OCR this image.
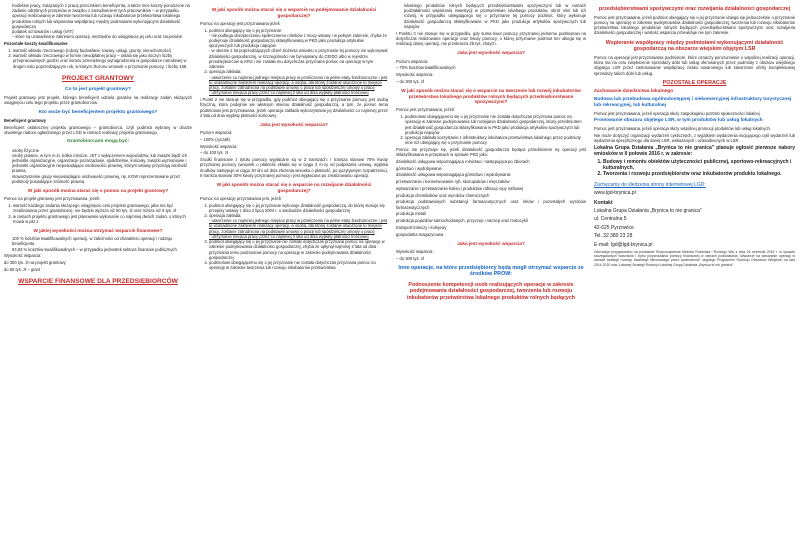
• Kodeksie pracy, związanych z pracą przecinkiem beneficjenta, a także inne koszty ponoszone na zadanie odrębnych przepisów w związku z zatrudnieniem tych pracowników – w przypadku operacji realizowanej w zakresie tworzenia lub rozwoju inkubatorów przetwórstwa lokalnego produktów rolnych lub wspierania współpracy między podmiotami wykonującymi działalność gospodarczą
• podatek od towarów i usług (VAT)
– które są uzasadnione zakresem operacji, niezbędne do osiągnięcia jej celu oraz racjonalne.

Pozostałe koszty kwalifikowalne

1. wartość wkładu rzeczowego (roboty budowlane, towary, usługi, grunty, nieruchomości)
2. wartość wkładu rzeczowego w formie nieodpłatnej pracy – ustala się jako iloczyn liczby przepracowanych godzin oraz ilorazu przeciętnego wynagrodzenia w gospodarce narodowej w drugim roku poprzedzającym rok, w którym złożono wniosek o przyznanie pomocy, i liczby 168.
PROJEKT GRANTOWY
Co to jest projekt grantowy?

Projekt grantowy jest projekt, którego beneficjent udziela grantów na realizację zadań służących osiągnięciu celu tego projektu przez grantobiorców.

Kto może być beneficjentem projektu grantowego?

Beneficjent grantowy

Beneficjent ostatecznej projektu grantowego – grantobiorca, czyli podmiot wybrany w drodze otwartego naboru ogłaszanego przez LGD w ramach realizacji projektu grantowego.

Grantobiorcami mogą być:
• osoby fizyczne
• osoby prawne, w tym m.in. kółka rolnicze, JST z wyłączeniem województw, lub związki bądź ich jednostki organizacyjne, organizacje pozarządowe, spółdzielnie, kościoły, związki wyznaniowe i jednostki organizacyjne nieposiadające osobowości prawnej, którym ustawy przyznają zdolność prawną
• stowarzyszenie grupy nieposiadające osobowości prawnej, np. KGW reprezentowane przez podmioty posiadające zdolność prawną
W jaki sposób można starać się o pomoc na projekt grantowy?

Pomoc na projekt grantowy jest przyznawana, jeżeli:

1. wartość każdego zadania służącego osiągnięciu celu projektu grantowego, jaka ma być zrealizowana przez grantobiorcę, nie będzie wyższa niż 50 tys. zł oraz niższa niż 5 tys. zł
2. w ramach projektu grantowego jest planowane wykonanie co najmniej dwóch zadań, o których mowa w pkt 1
W jakiej wysokości można otrzymać wsparcie finansowe?
• 100 % kosztów kwalifikowalnych operacji, w zależności od charakteru operacji i rodzaju beneficjenta
• 63,63 % kosztów kwalifikowalnych – w przypadku jednostek sektora finansów publicznych

Wysokość wsparcia:

do 300 tys. zł na projekt grantowy

do 50 tys. zł – grant

WSPARCIE FINANSOWE DLA PRZEDSIĘBIORCÓW
W jaki sposób można starać się o wsparcie na podejmowanie działalności gospodarczej?

Pomoc na operację jest przyznawana jeżeli:

1. podmiot ubiegający się o jej przyznanie:
- nie podlega ubezpieczeniu społecznemu rolników z mocy ustawy i w pełnym zakresie, chyba że podejmuje działalność gospodarczą sklasyfikowaną w PKD jako produkcja artykułów spożywczych lub produkcja napojów
- w okresie 2 lat poprzedzających dzień złożenia wniosku o przyznanie tej pomocy nie wykonywał działalności gospodarczej, w szczególności nie był wpisany do CEIDG albo w rejestrze przedsiębiorców w KRS i nie została mu dotychczas przyznana pomoc na operację w tym zakresie
2. operacja zakłada:
- utworzenie co najmniej jednego miejsca pracy w przeliczeniu na pełne etaty średnioroczne i jest to uzasadnione zakresem realizacji operacji, a osoba, dla której zostanie utworzone to miejsce pracy, zostanie zatrudniona na podstawie umowy o pracę lub spółdzielczej umowy o pracę
- utrzymanie miejsca pracy przez co najmniej 2 lata od dnia wypłaty płatności końcowej

i Punkt 2 nie stosuje się w przypadku, gdy podmiot ubiegający się o przyznanie pomocy jest osobą fizyczną, która podejmie we własnym imieniu działalność gospodarczą, a tym, że pomoc tema podmiotowi jest przyznawana, jeżeli operacja zakłada wykorzystanie jej działalności co najmniej przez 2 lata od dnia wypłaty płatności końcowej.

Jaka jest wysokość wsparcia?

Poziom wsparcia:

– 100% (ryczałt)

Wysokość wsparcia:

– do 100 tys. zł

Środki finansowe z tytułu pomocy wypłacane są w 2 transzach: I transza stanowi 70% kwoty przyznanej pomocy (wniosek o płatność składa się w ciągu 3 m-cy od podpisania umowy, wypłata środków następuje w ciągu 30 dni od dnia złożenia wniosku o płatność, po pozytywnym rozpatrzeniu), II transza stanowi 30% kwoty przyznanej pomocy i jest wypłacana po zrealizowaniu operacji.

W jaki sposób można starać się o wsparcie na rozwijanie działalności gospodarczej?

Pomoc na operację przyznawana jest, jeżeli:

1. podmiot ubiegający się o jej przyznanie wykonuje działalność gospodarczą, do której stosuje się przepisy ustawy z dnia 2 lipca 2004 r. o swobodzie działalności gospodarczej
2. operacja zakłada:
- utworzenie co najmniej jednego miejsca pracy w przeliczeniu na pełne etaty średnioroczne i jest to uzasadnione zakresem realizacji operacji, a osoba, dla której zostanie utworzone to miejsce pracy, zostanie zatrudniona na podstawie umowy o pracę lub spółdzielczej umowy o pracę
- utrzymanie miejsca pracy przez co najmniej 3 lata od dnia wypłaty płatności końcowej
3. podmiot ubiegający się o jej przyznanie nie zostało dotychczas przyznana pomoc na operację w zakresie podejmowania działalności gospodarczej, chyba że upłynął najmniej 2 lata od dnia przyznania temu podmiotowi pomocy na operację w zakresie podejmowania działalności gospodarczej
4. podmiotowi ubiegającemu się o jej przyznanie nie została dotychczas przyznana pomoc na operację w zakresie tworzenia lub rozwoju inkubatorów przetwórstwa

lokalnego produktów rolnych będących przedsiębiorstwami spożywczymi lub w ramach podziałalności wspierania inwestycji w przetwórstwie lokalnego produktów, obrót nimi lub ich rozwój, w przypadku ubiegającego się o przyznanie tej pomocy podmiot, który wykonuje działalność gospodarczą sklasyfikowane w PKD jako produkcja artykułów spożywczych lub napojów

I Punktu 3 nie stosuje się w przypadku, gdy suma kwot pomocy przyznanej jednemu podmiotowi na dotychczas realizowane operacje oraz kwoty pomocy, o której przyznanie podmiot ten ubiega się w realizacji danej operacji, nie przekracza 25 tys. złotych.

Jaka jest wysokość wsparcia?

Poziom wsparcia:

– 70% kosztów kwalifikowalnych

Wysokość wsparcia:

– do 300 tys. zł

W jaki sposób można starać się o wsparcie na tworzenie lub rozwój inkubatorów przetwórstwa lokalnego produktów rolnych będących przedsiębiorstwami spożywczymi?

Pomoc jest przyznawana, jeżeli:

1. podmiotowi ubiegającemu się o jej przyznanie nie została dotychczas przyznana pomoc na operację w zakresie podejmowania lub rozwijania działalności gospodarczej, której przedmiotem jest działalność gospodarcza sklasyfikowana w PKD jako produkcja artykułów spożywczych lub produkcja napojów
2. operacja zakłada korzystanie z infrastruktury inkubatora przetwórstwa lokalnego przez podmioty inne niż ubiegający się o przyznanie pomocy

Pomoc nie przyznaje się, jeżeli działalność gospodarcza będąca przedmiotem tej operacji jest sklasyfikowana w przepisach w sprawie PKD jako:

działalność usługowa wspomagająca rolnictwo i następująca po zbiorach

górnictwo i wydobywanie

działalność usługowa wspomagająca górnictwo i wydobywanie

przetwarzanie i konserwowanie ryb, skorupiaków i mięczaków

wytwarzanie i przetwarzanie koksu i produktów rafinacji ropy naftowej

produkcja chemikaliów oraz wyrobów chemicznych

produkcja podstawowych substancji farmaceutycznych oraz leków i pozostałych wyrobów farmaceutycznych

produkcja metali

produkcja pojazdów samochodowych, przyczep i naczep oraz motocykli

transport lotniczy i kolejowy

gospodarka magazynowa

Jaka jest wysokość wsparcia?

Wysokość wsparcia:

– do 300 tys. zł

Inne operacje, na które przedsiębiorcy będą mogli otrzymać wsparcie ze środków PROW:
Podnoszenie kompetencji osób realizujących operacje w zakresie podejmowania działalności gospodarczej, tworzenia lub rozwoju inkubatorów przetwórstwa lokalnego produktów rolnych będących
przedsiębiorstwami spożywczymi oraz rozwijania działalności gospodarczej

Pomoc jest przyznawana, jeżeli podmiot ubiegający się o jej przyznanie ubiega się jednocześnie o przyznanie pomocy na operację w zakresie podejmowania działalności gospodarczej, tworzenia lub rozwoju inkubatorów przetwórstwa lokalnego produktów rolnych będących przedsiębiorstwami spożywczymi oraz rozwijania działalności gospodarczej i wartość wsparcia przewiduje nie tym zakresie.

Wspieranie współpracy między podmiotami wykonującymi działalność gospodarczą na obszarze wiejskim objętym LSR

Pomoc na operację jest przyznawana podmiotom, które oznaczy porozumienie o wspólnej realizacji operacji, która ma na celu zwiększenie sprzedaży dóbr lub usług oferowanych przez podmioty z obszaru wiejskiego objętego LSR przez zastosowanie współpracy znaku towarowego lub stworzenie oferty kompleksowej sprzedaży takich dóbr lub usług.

POZOSTAŁE OPERACJE
Zachowanie dziedzictwa lokalnego
Budowa lub przebudowa ogólnodostępnej i niekomercyjnej infrastruktury turystycznej lub rekreacyjnej, lub kulturalnej

Pomoc jest przyznawana, jeżeli operacja służy zaspokajaniu potrzeb społeczności lokalnej.

Promowanie obszaru objętego LSR, w tym produktów lub usług lokalnych

Pomoc jest przyznawana, jeżeli operacja służy wspólnej promocji produktów lub usług lokalnych.

Nie może dotyczyć organizacji wydarzeń cyklicznych, z wyjątkiem wydarzenia inicjującego cykl wydarzeń lub wydarzenia specyficznego dla danej LSR, wskazanych i uzasadnionych w LSR.

Lokalna Grupa Działania „Brynica to nie granica” planuje ogłosić pierwsze nabory wniosków w II połowie 2016 r. w zakresie:

1. Budowy i remontu obiektów użyteczności publicznej, sportowo-rekreacyjnych i kulturalnych,
2. Tworzenia i rozwoju przedsiębiorstw oraz inkubatorów produktu lokalnego.

Zachęcamy do śledzenia strony internetowej LGD:

www.lgd-brynica.pl

Kontakt

Lokalna Grupa Działania „Brynica to nie granica”

ul. Centralna 5

42-625 Pyrzowice

Tel. 32 380 23 28

E-mail: lgd@lgd-brynica.pl

Informacje przygotowano na podstawie Rozporządzenia Ministra Rolnictwa i Rozwoju Wsi z dnia 24 września 2015 r. w sprawie szczegółowych warunków i trybu przyznawania pomocy finansowej w ramach poddziałania „Wsparcie na wdrażanie operacji w ramach strategii rozwoju lokalnego kierowanego przez społeczność” objętego Programem Rozwoju Obszarów Wiejskich na lata 2014-2020 oraz Lokalnej Strategii Rozwoju Lokalnej Grupy Działania „Brynica to nie granica”.
